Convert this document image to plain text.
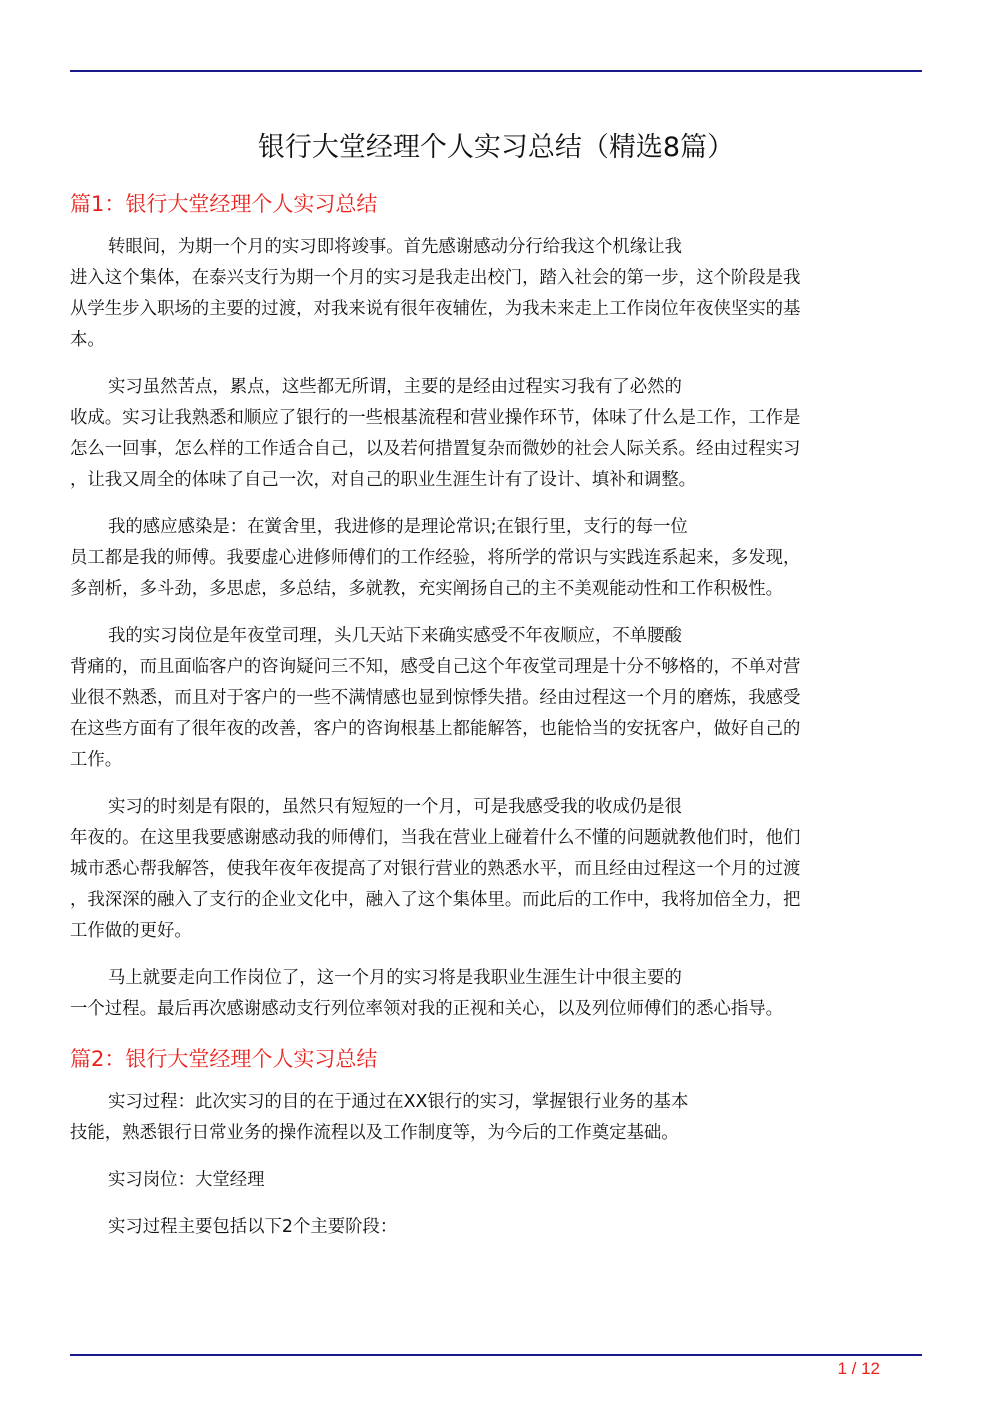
银行大堂经理个人实习总结（精选8篇）
篇1：银行大堂经理个人实习总结

转眼间，为期一个月的实习即将竣事。首先感谢感动分行给我这个机缘让我
进入这个集体，在泰兴支行为期一个月的实习是我走出校门，踏入社会的第一步，这个阶段是我
从学生步入职场的主要的过渡，对我来说有很年夜辅佐，为我未来走上工作岗位年夜侠坚实的基
本。

实习虽然苦点，累点，这些都无所谓，主要的是经由过程实习我有了必然的
收成。实习让我熟悉和顺应了银行的一些根基流程和营业操作环节，体味了什么是工作，工作是
怎么一回事，怎么样的工作适合自己，以及若何措置复杂而微妙的社会人际关系。经由过程实习
，让我又周全的体味了自己一次，对自己的职业生涯生计有了设计、填补和调整。

我的感应感染是：在黉舍里，我进修的是理论常识;在银行里，支行的每一位
员工都是我的师傅。我要虚心进修师傅们的工作经验，将所学的常识与实践连系起来，多发现，
多剖析，多斗劲，多思虑，多总结，多就教，充实阐扬自己的主不美观能动性和工作积极性。

我的实习岗位是年夜堂司理，头几天站下来确实感受不年夜顺应，不单腰酸
背痛的，而且面临客户的咨询疑问三不知，感受自己这个年夜堂司理是十分不够格的，不单对营
业很不熟悉，而且对于客户的一些不满情感也显到惊悸失措。经由过程这一个月的磨炼，我感受
在这些方面有了很年夜的改善，客户的咨询根基上都能解答，也能恰当的安抚客户，做好自己的
工作。

实习的时刻是有限的，虽然只有短短的一个月，可是我感受我的收成仍是很
年夜的。在这里我要感谢感动我的师傅们，当我在营业上碰着什么不懂的问题就教他们时，他们
城市悉心帮我解答，使我年夜年夜提高了对银行营业的熟悉水平，而且经由过程这一个月的过渡
，我深深的融入了支行的企业文化中，融入了这个集体里。而此后的工作中，我将加倍全力，把
工作做的更好。

马上就要走向工作岗位了，这一个月的实习将是我职业生涯生计中很主要的
一个过程。最后再次感谢感动支行列位率领对我的正视和关心，以及列位师傅们的悉心指导。

篇2：银行大堂经理个人实习总结

实习过程：此次实习的目的在于通过在XX银行的实习，掌握银行业务的基本
技能，熟悉银行日常业务的操作流程以及工作制度等，为今后的工作奠定基础。

实习岗位：大堂经理

实习过程主要包括以下2个主要阶段：

1 / 12
